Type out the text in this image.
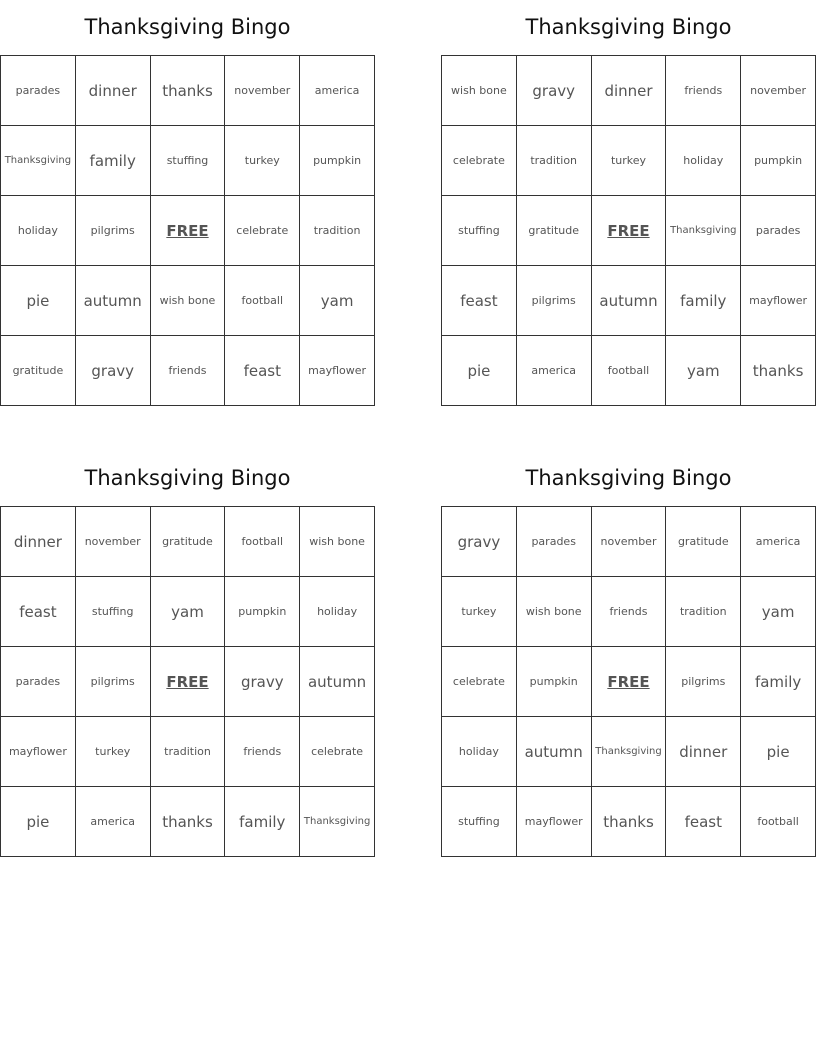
Thanksgiving Bingo
parades	dinner	thanks	november	america
Thanksgiving	family	stuffing	turkey	pumpkin
holiday	pilgrims	FREE	celebrate	tradition
pie	autumn	wish bone	football	yam
gratitude	gravy	friends	feast	mayflower
Thanksgiving Bingo
wish bone	gravy	dinner	friends	november
celebrate	tradition	turkey	holiday	pumpkin
stuffing	gratitude	FREE	Thanksgiving	parades
feast	pilgrims	autumn	family	mayflower
pie	america	football	yam	thanks
Thanksgiving Bingo
dinner	november	gratitude	football	wish bone
feast	stuffing	yam	pumpkin	holiday
parades	pilgrims	FREE	gravy	autumn
mayflower	turkey	tradition	friends	celebrate
pie	america	thanks	family	Thanksgiving
Thanksgiving Bingo
gravy	parades	november	gratitude	america
turkey	wish bone	friends	tradition	yam
celebrate	pumpkin	FREE	pilgrims	family
holiday	autumn	Thanksgiving	dinner	pie
stuffing	mayflower	thanks	feast	football
